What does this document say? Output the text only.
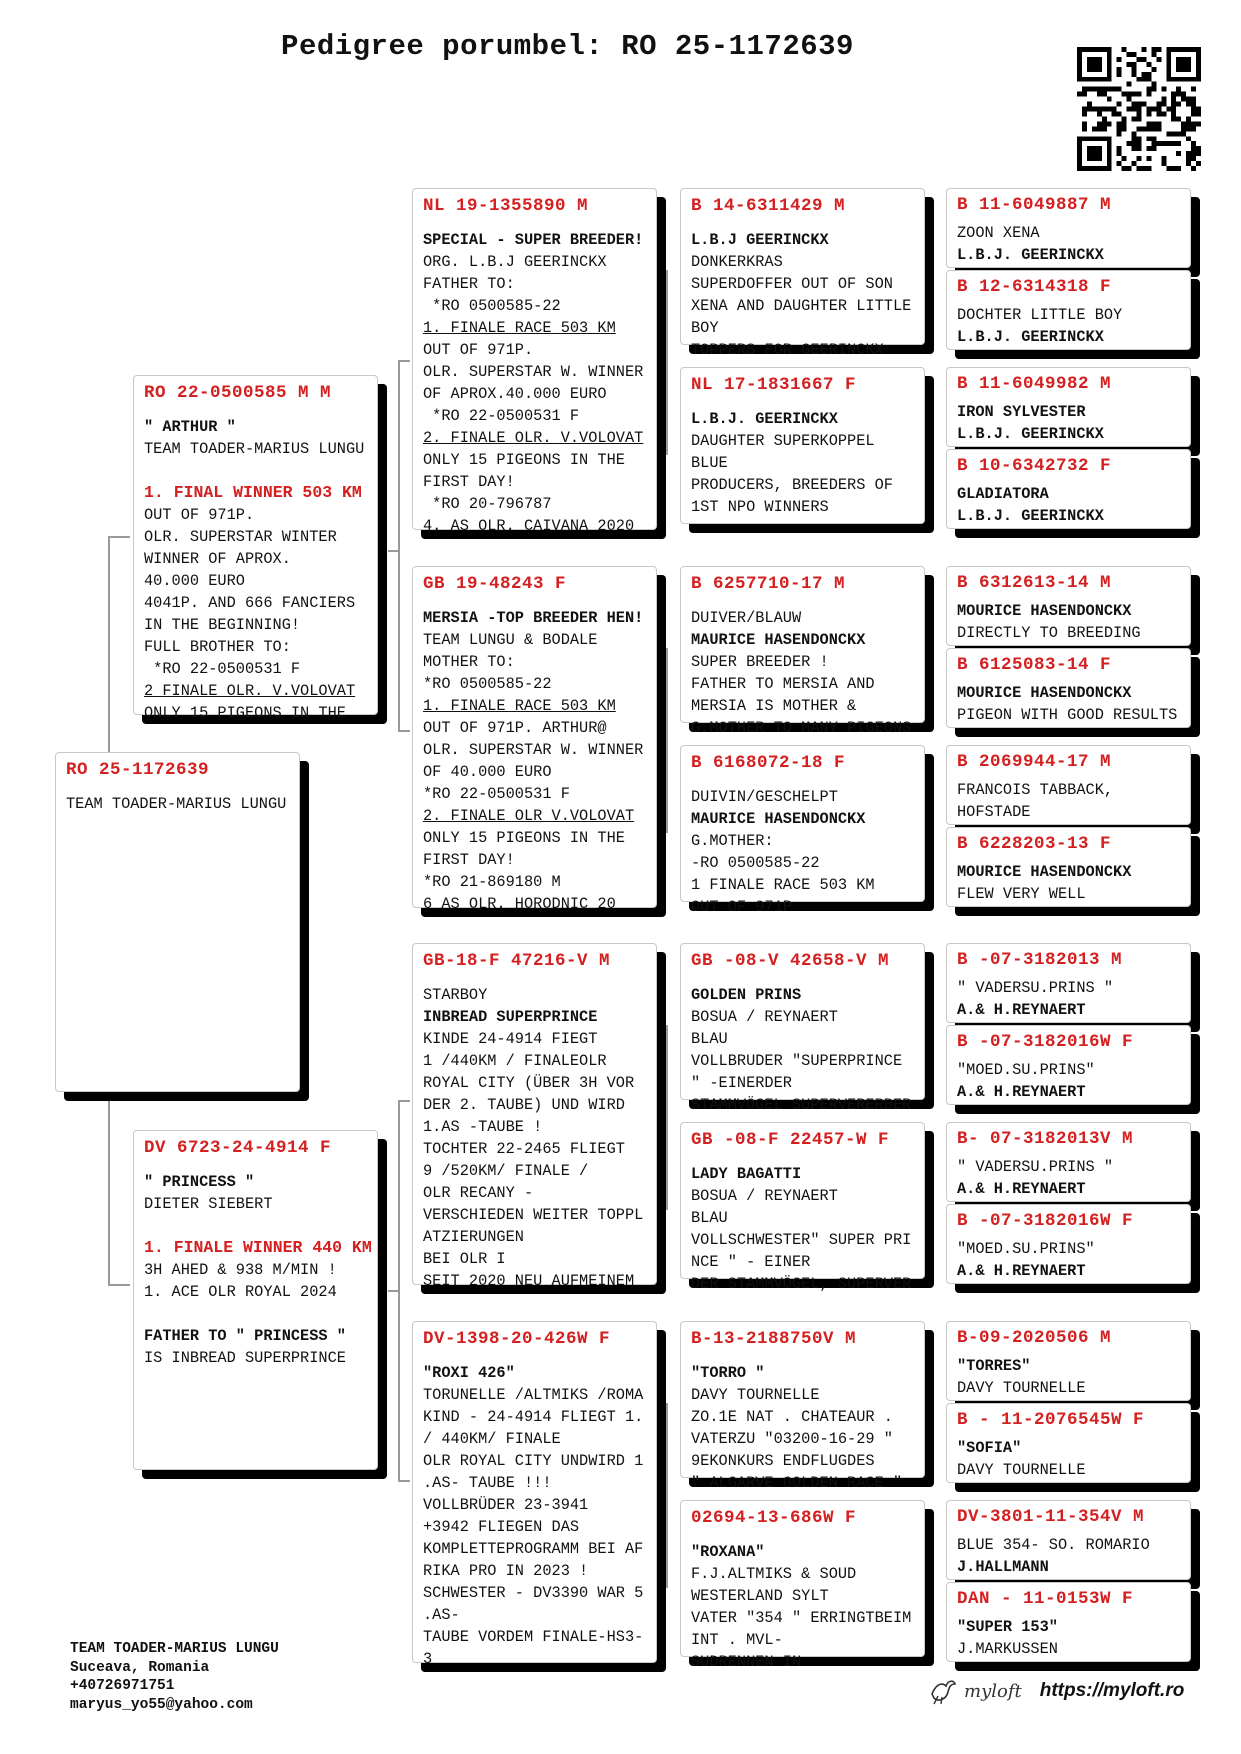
Pedigree porumbel: RO 25-1172639
RO 25-1172639
TEAM TOADER-MARIUS LUNGU
RO 22-0500585 M M
" ARTHUR "
TEAM TOADER-MARIUS LUNGU
1. FINAL WINNER 503 KM
OUT OF 971P.
OLR. SUPERSTAR WINTER
WINNER OF APROX.
40.000 EURO
4041P. AND 666 FANCIERS
IN THE BEGINNING!
FULL BROTHER TO:
*RO 22-0500531 F
2 FINALE OLR. V.VOLOVAT
ONLY 15 PIGEONS IN THE
DV 6723-24-4914 F
" PRINCESS "
DIETER SIEBERT
1. FINALE WINNER 440 KM
3H AHED & 938 M/MIN !
1. ACE OLR ROYAL 2024
FATHER TO " PRINCESS "
IS INBREAD SUPERPRINCE
NL 19-1355890 M
SPECIAL - SUPER BREEDER!
ORG. L.B.J GEERINCKX
FATHER TO:
*RO 0500585-22
1. FINALE RACE 503 KM
OUT OF 971P.
OLR. SUPERSTAR W. WINNER
OF APROX.40.000 EURO
*RO 22-0500531 F
2. FINALE OLR. V.VOLOVAT
ONLY 15 PIGEONS IN THE
FIRST DAY!
*RO 20-796787
4. AS OLR. CAIVANA 2020
GB 19-48243 F
MERSIA -TOP BREEDER HEN!
TEAM LUNGU & BODALE
MOTHER TO:
*RO 0500585-22
1. FINALE RACE 503 KM
OUT OF 971P. ARTHUR@
OLR. SUPERSTAR W. WINNER
OF 40.000 EURO
*RO 22-0500531 F
2. FINALE OLR V.VOLOVAT
ONLY 15 PIGEONS IN THE
FIRST DAY!
*RO 21-869180 M
6 AS OLR. HORODNIC 20
GB-18-F 47216-V M
STARBOY
INBREAD SUPERPRINCE
KINDE 24-4914 FIEGT
1 /440KM / FINALEOLR
ROYAL CITY (ÜBER 3H VOR
DER 2. TAUBE) UND WIRD
1.AS -TAUBE !
TOCHTER 22-2465 FLIEGT
9 /520KM/ FINALE /
OLR RECANY -
VERSCHIEDEN WEITER TOPPL
ATZIERUNGEN
BEI OLR I
SEIT 2020 NEU AUFMEINEM
DV-1398-20-426W F
"ROXI 426"
TORUNELLE /ALTMIKS /ROMA
KIND - 24-4914 FLIEGT 1.
/ 440KM/ FINALE
OLR ROYAL CITY UNDWIRD 1
.AS- TAUBE !!!
VOLLBRÜDER 23-3941
+3942 FLIEGEN DAS
KOMPLETTEPROGRAMM BEI AF
RIKA PRO IN 2023 !
SCHWESTER - DV3390 WAR 5
.AS-
TAUBE VORDEM FINALE-HS3-
3
B 14-6311429 M
L.B.J GEERINCKX
DONKERKRAS
SUPERDOFFER OUT OF SON
XENA AND DAUGHTER LITTLE
BOY
TOPPERS FOR GEERINCKX
NL 17-1831667 F
L.B.J. GEERINCKX
DAUGHTER SUPERKOPPEL
BLUE
PRODUCERS, BREEDERS OF
1ST NPO WINNERS
B 6257710-17 M
DUIVER/BLAUW
MAURICE HASENDONCKX
SUPER BREEDER !
FATHER TO MERSIA AND
MERSIA IS MOTHER &
G.MOTHER TO MANY PIGEONS
B 6168072-18 F
DUIVIN/GESCHELPT
MAURICE HASENDONCKX
G.MOTHER:
-RO 0500585-22
1 FINALE RACE 503 KM
OUT OF 971P
GB -08-V 42658-V M
GOLDEN PRINS
BOSUA / REYNAERT
BLAU
VOLLBRUDER "SUPERPRINCE
" -EINERDER
STAMMVÖGEL SUPERVERERBER
GB -08-F 22457-W F
LADY BAGATTI
BOSUA / REYNAERT
BLAU
VOLLSCHWESTER" SUPER PRI
NCE " - EINER
DER STAMMVÖGEL, SUPERVER
B-13-2188750V M
"TORRO "
DAVY TOURNELLE
ZO.1E NAT . CHATEAUR .
VATERZU "03200-16-29 "
9EKONKURS ENDFLUGDES
" ALGARVE GOLDEN RACE "
02694-13-686W F
"ROXANA"
F.J.ALTMIKS & SOUD
WESTERLAND SYLT
VATER "354 " ERRINGTBEIM
INT . MVL-
SUDRENNEN IN
B 11-6049887 M
ZOON XENA
L.B.J. GEERINCKX
B 12-6314318 F
DOCHTER LITTLE BOY
L.B.J. GEERINCKX
B 11-6049982 M
IRON SYLVESTER
L.B.J. GEERINCKX
B 10-6342732 F
GLADIATORA
L.B.J. GEERINCKX
B 6312613-14 M
MOURICE HASENDONCKX
DIRECTLY TO BREEDING
B 6125083-14 F
MOURICE HASENDONCKX
PIGEON WITH GOOD RESULTS
B 2069944-17 M
FRANCOIS TABBACK,
HOFSTADE
B 6228203-13 F
MOURICE HASENDONCKX
FLEW VERY WELL
B -07-3182013 M
" VADERSU.PRINS "
A.& H.REYNAERT
B -07-3182016W F
"MOED.SU.PRINS"
A.& H.REYNAERT
B- 07-3182013V M
" VADERSU.PRINS "
A.& H.REYNAERT
B -07-3182016W F
"MOED.SU.PRINS"
A.& H.REYNAERT
B-09-2020506 M
"TORRES"
DAVY TOURNELLE
B - 11-2076545W F
"SOFIA"
DAVY TOURNELLE
DV-3801-11-354V M
BLUE 354- SO. ROMARIO
J.HALLMANN
DAN - 11-0153W F
"SUPER 153"
J.MARKUSSEN
TEAM TOADER-MARIUS LUNGU
Suceava, Romania
+40726971751
maryus_yo55@yahoo.com
myloft https://myloft.ro
